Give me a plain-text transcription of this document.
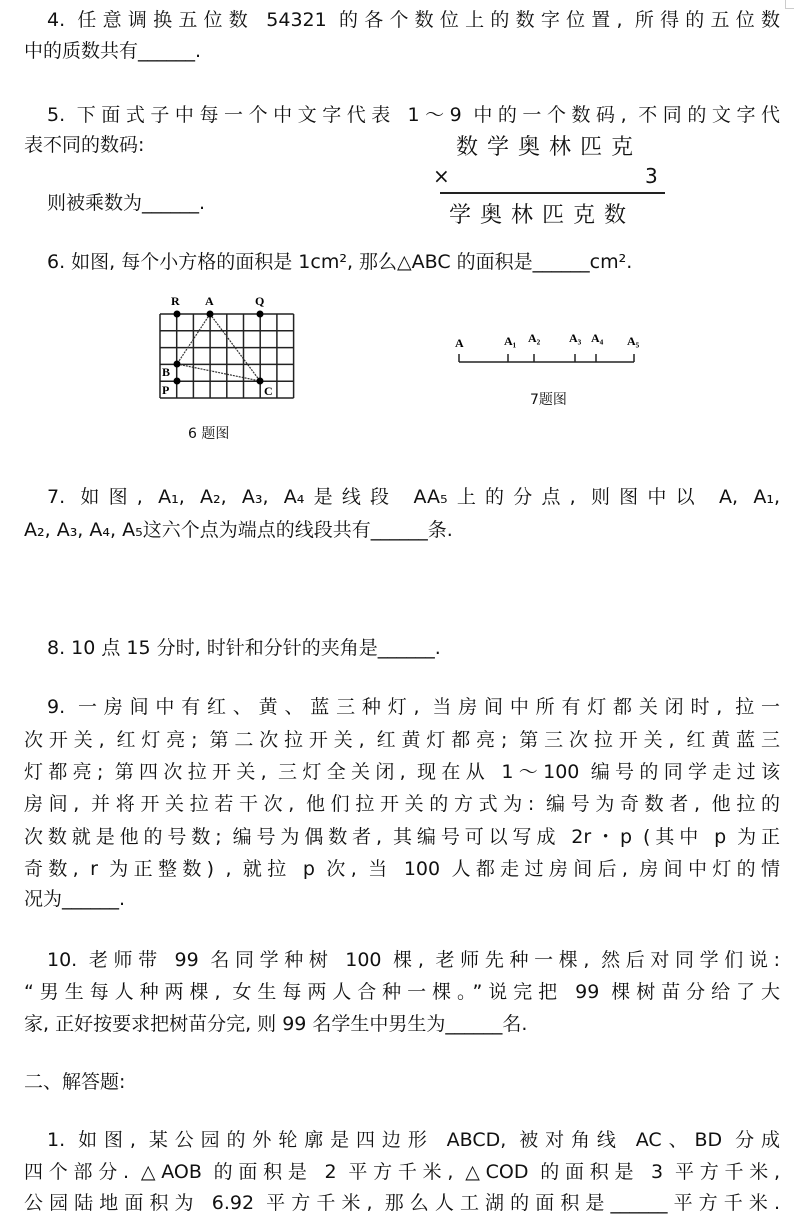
4. 任意调换五位数 54321 的各个数位上的数字位置, 所得的五位数
中的质数共有______.
5. 下面式子中每一个中文字代表 1～9 中的一个数码, 不同的文字代
表不同的数码:
则被乘数为______.
数学奥林匹克
×	3
学奥林匹克数
6. 如图, 每个小方格的面积是 1cm², 那么△ABC 的面积是______cm².
R A	Q
B
P	C
6 题图
A	A₁ A₂ A₃ A₄ A₅
7题图
7. 如图, A₁, A₂, A₃, A₄是线段 AA₅上的分点, 则图中以 A, A₁,
A₂, A₃, A₄, A₅这六个点为端点的线段共有______条.
8. 10 点 15 分时, 时针和分针的夹角是______.
9. 一房间中有红、黄、蓝三种灯, 当房间中所有灯都关闭时, 拉一
次开关, 红灯亮; 第二次拉开关, 红黄灯都亮; 第三次拉开关, 红黄蓝三
灯都亮; 第四次拉开关, 三灯全关闭, 现在从 1～100 编号的同学走过该
房间, 并将开关拉若干次, 他们拉开关的方式为: 编号为奇数者, 他拉的
次数就是他的号数; 编号为偶数者, 其编号可以写成 2r・p (其中 p 为正
奇数, r 为正整数) , 就拉 p 次, 当 100 人都走过房间后, 房间中灯的情
况为______.
10. 老师带 99 名同学种树 100 棵, 老师先种一棵, 然后对同学们说:
“男生每人种两棵, 女生每两人合种一棵。”说完把 99 棵树苗分给了大
家, 正好按要求把树苗分完, 则 99 名学生中男生为______名.
二、解答题:
1. 如图, 某公园的外轮廓是四边形 ABCD, 被对角线 AC、BD 分成
四个部分. △AOB 的面积是 2 平方千米, △COD 的面积是 3 平方千米,
公园陆地面积为 6.92 平方千米, 那么人工湖的面积是______平方千米.
